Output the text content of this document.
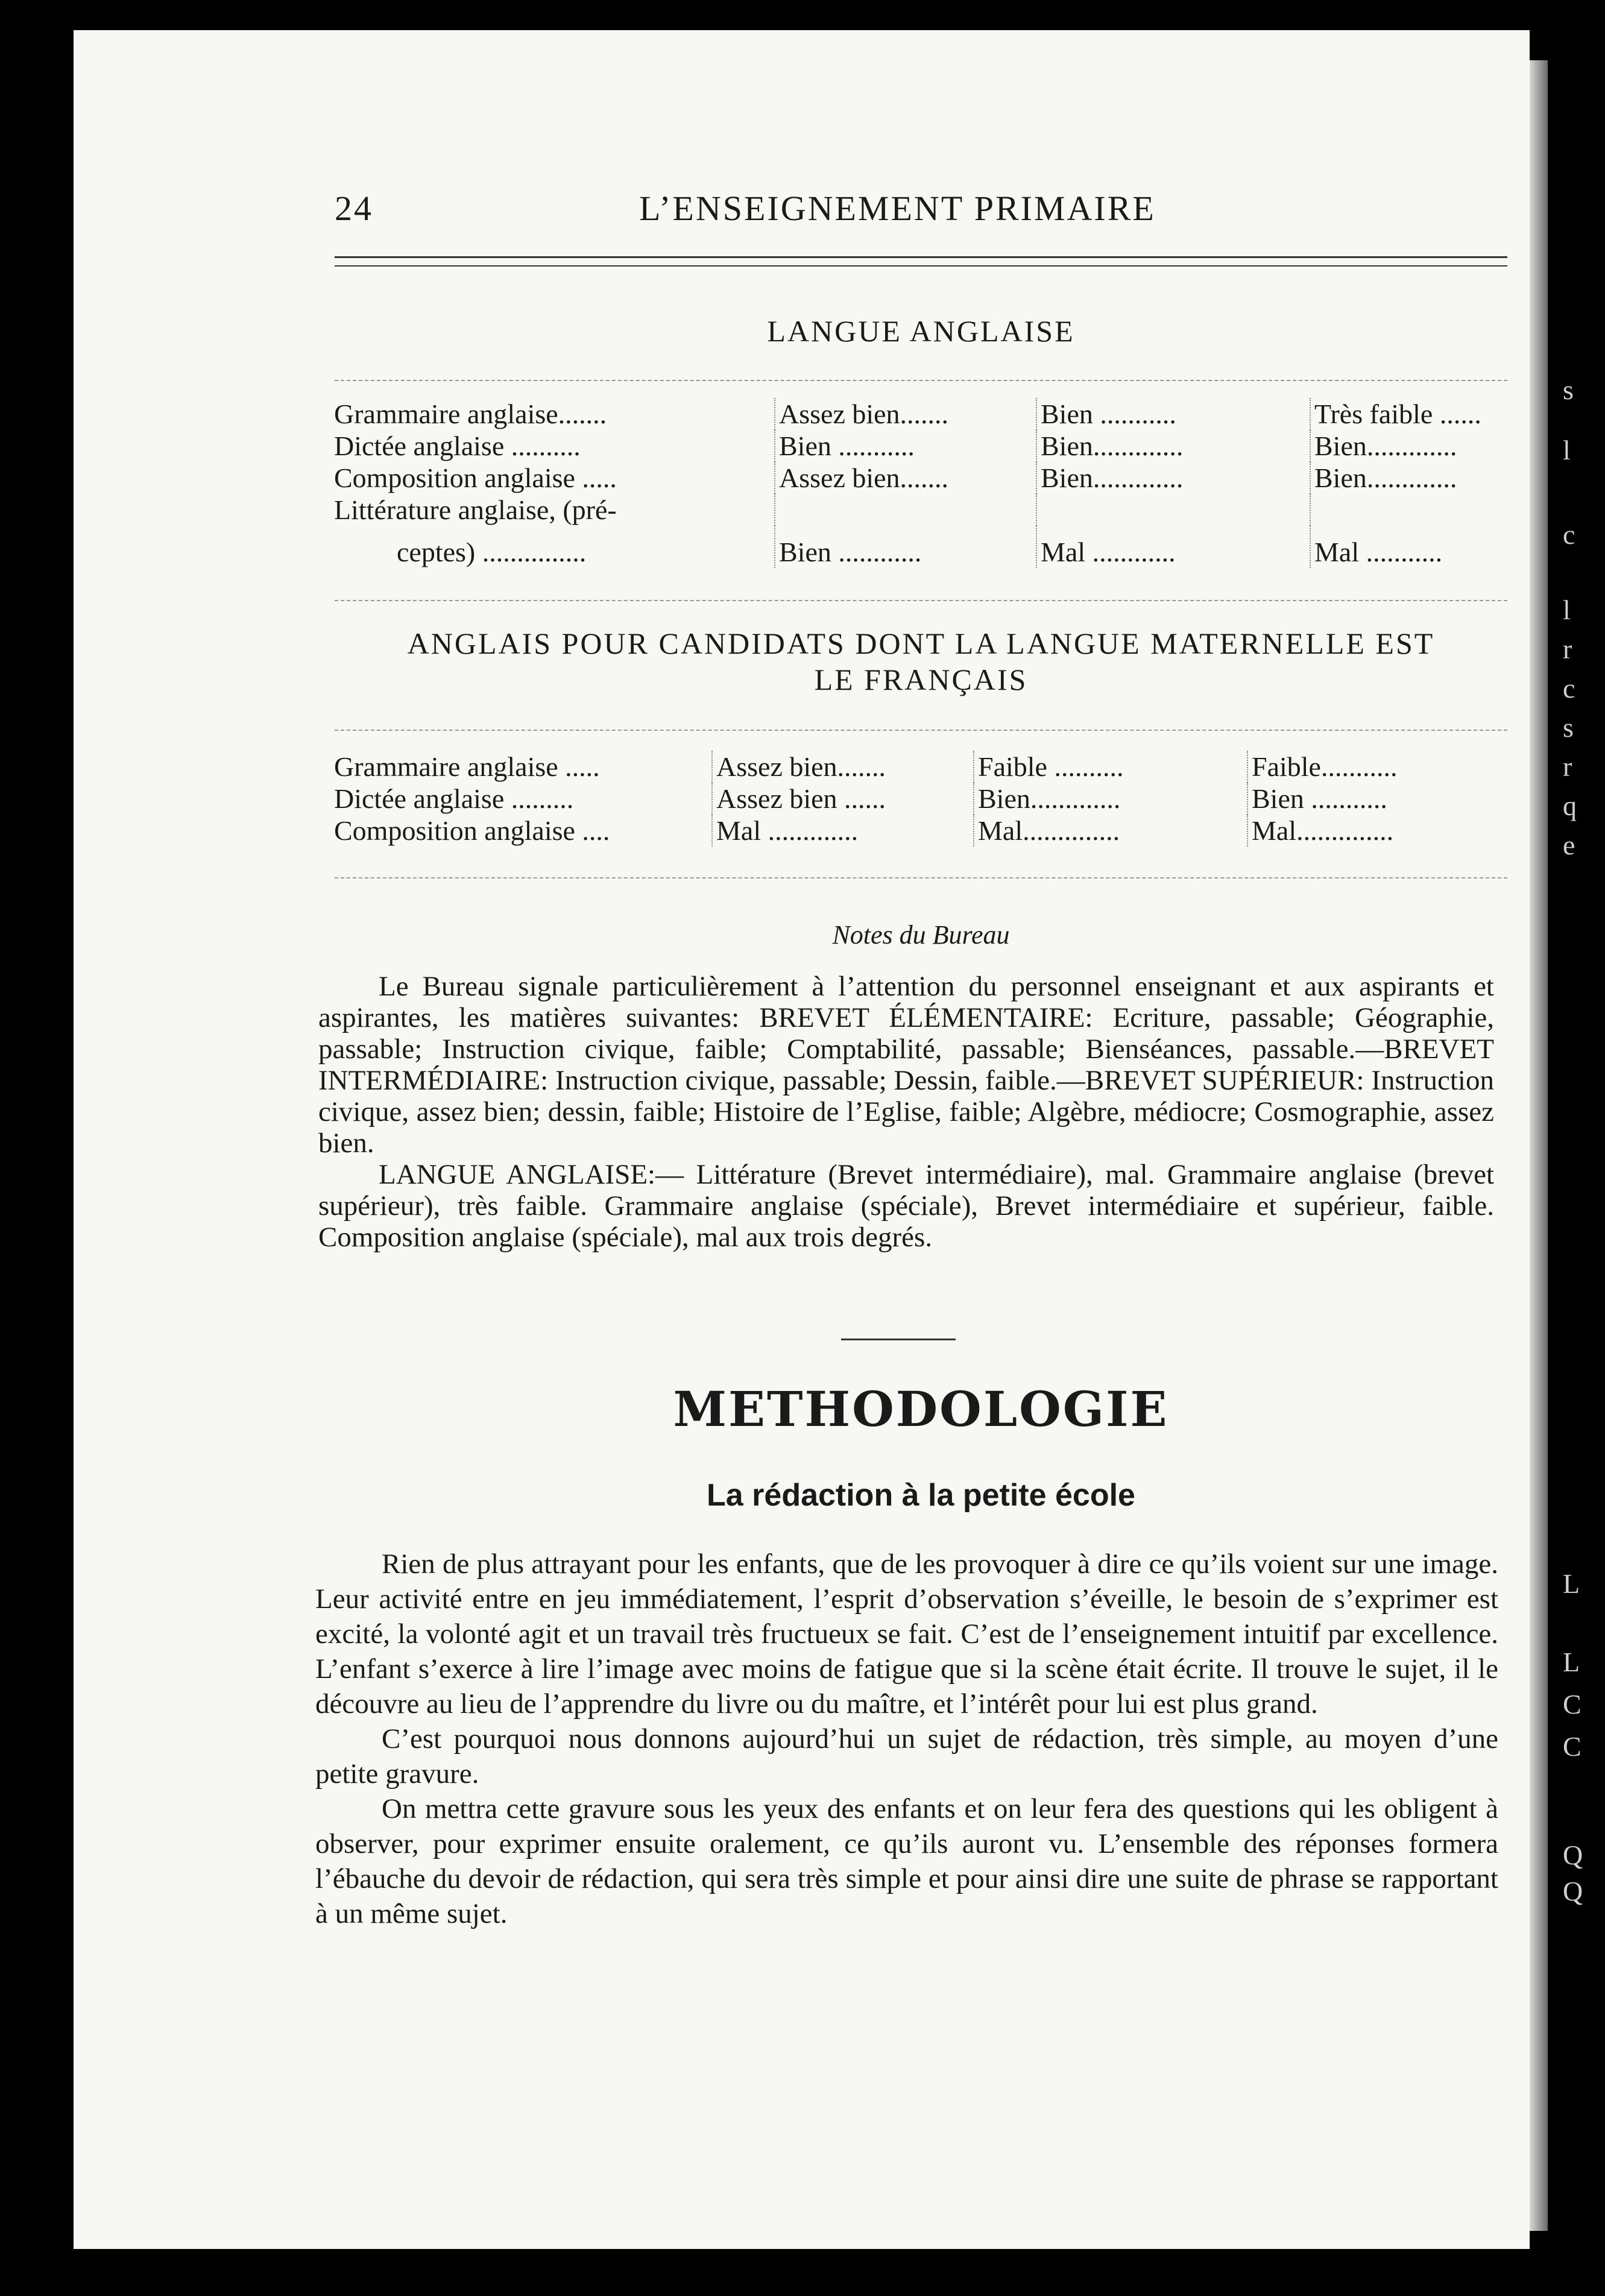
s
l
c
l
r
c
s
r
q
e
L
L
C
C
Q
Q
24	L’ENSEIGNEMENT PRIMAIRE
LANGUE ANGLAISE
Grammaire anglaise.......	Assez bien.......	Bien ...........	Très faible ......
Dictée anglaise ..........	Bien ...........	Bien.............	Bien.............
Composition anglaise .....	Assez bien.......	Bien.............	Bien.............
Littérature anglaise, (pré-			
ceptes) ...............	Bien ............	Mal ............	Mal ...........
ANGLAIS POUR CANDIDATS DONT LA LANGUE MATERNELLE EST
LE FRANÇAIS
Grammaire anglaise .....	Assez bien.......	Faible ..........	Faible...........
Dictée anglaise .........	Assez bien ......	Bien.............	Bien ...........
Composition anglaise ....	Mal .............	Mal..............	Mal..............
Notes du Bureau

Le Bureau signale particulièrement à l’attention du personnel enseignant et aux aspirants et aspirantes, les matières suivantes: BREVET ÉLÉMENTAIRE: Ecriture, passable; Géographie, passable; Instruction civique, faible; Comptabilité, passable; Bienséances, passable.—BREVET INTERMÉDIAIRE: Instruction civique, passable; Dessin, faible.—BREVET SUPÉRIEUR: Instruction civique, assez bien; dessin, faible; Histoire de l’Eglise, faible; Algèbre, médiocre; Cosmographie, assez bien.

LANGUE ANGLAISE:— Littérature (Brevet intermédiaire), mal. Grammaire anglaise (brevet supérieur), très faible. Grammaire anglaise (spéciale), Brevet intermédiaire et supérieur, faible. Composition anglaise (spéciale), mal aux trois degrés.

METHODOLOGIE
La rédaction à la petite école

Rien de plus attrayant pour les enfants, que de les provoquer à dire ce qu’ils voient sur une image. Leur activité entre en jeu immédiatement, l’esprit d’observation s’éveille, le besoin de s’exprimer est excité, la volonté agit et un travail très fructueux se fait. C’est de l’enseignement intuitif par excellence. L’enfant s’exerce à lire l’image avec moins de fatigue que si la scène était écrite. Il trouve le sujet, il le découvre au lieu de l’apprendre du livre ou du maître, et l’intérêt pour lui est plus grand.

C’est pourquoi nous donnons aujourd’hui un sujet de rédaction, très simple, au moyen d’une petite gravure.

On mettra cette gravure sous les yeux des enfants et on leur fera des questions qui les obligent à observer, pour exprimer ensuite oralement, ce qu’ils auront vu. L’ensemble des réponses formera l’ébauche du devoir de rédaction, qui sera très simple et pour ainsi dire une suite de phrase se rapportant à un même sujet.
